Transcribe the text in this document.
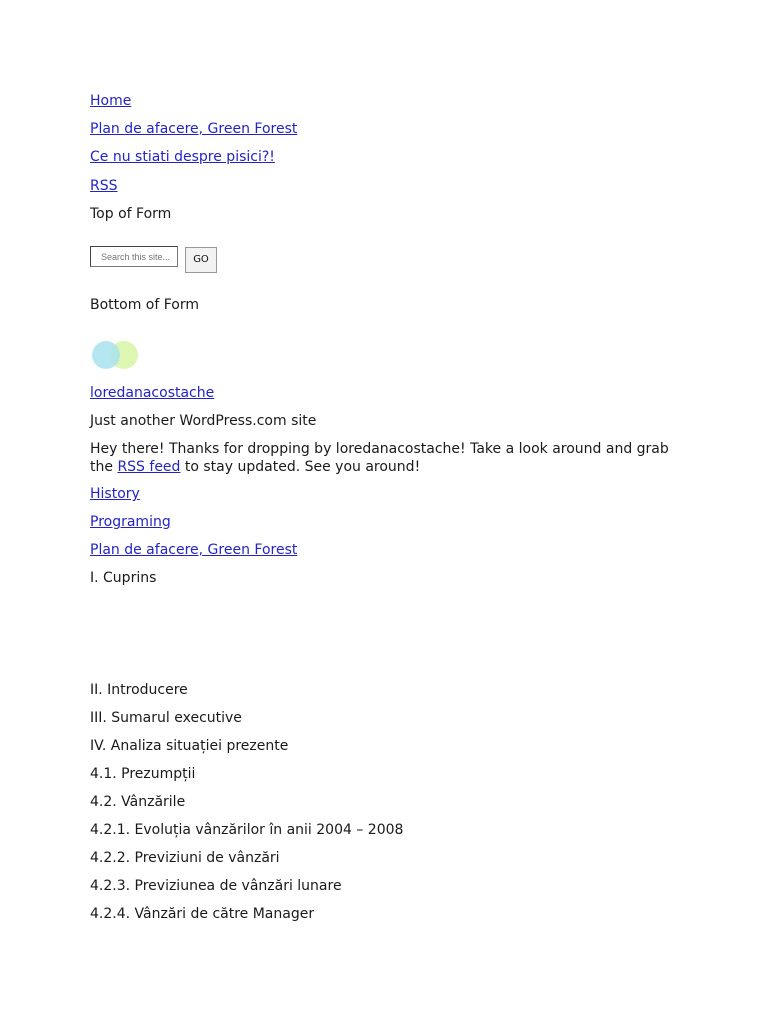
Home
Plan de afacere, Green Forest
Ce nu stiati despre pisici?!
RSS
Top of Form
Search this site...
GO
Bottom of Form
loredanacostache
Just another WordPress.com site
Hey there! Thanks for dropping by loredanacostache! Take a look around and grab the RSS feed to stay updated. See you around!
History
Programing
Plan de afacere, Green Forest
I. Cuprins
II. Introducere
III. Sumarul executive
IV. Analiza situației prezente
4.1. Prezumpții
4.2. Vânzările
4.2.1. Evoluția vânzărilor în anii 2004 – 2008
4.2.2. Previziuni de vânzări
4.2.3. Previziunea de vânzări lunare
4.2.4. Vânzări de către Manager
